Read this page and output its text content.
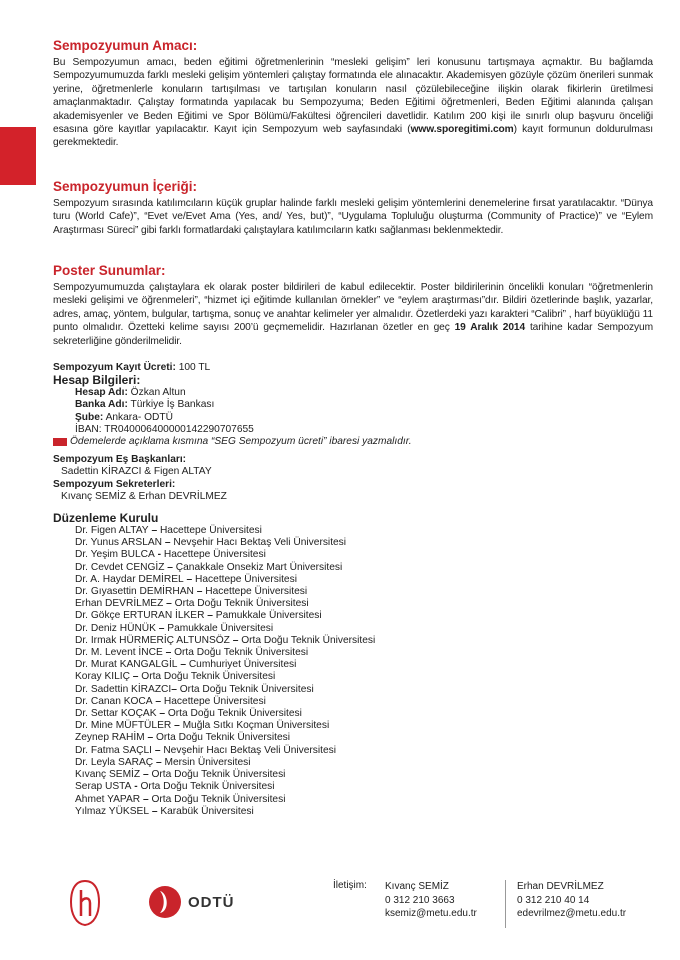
Sempozyumun Amacı:

Bu Sempozyumun amacı, beden eğitimi öğretmenlerinin “mesleki gelişim” leri konusunu tartışmaya açmaktır. Bu bağlamda Sempozyumumuzda farklı mesleki gelişim yöntemleri çalıştay formatında ele alınacaktır. Akademisyen gözüyle çözüm önerileri sunmak yerine, öğretmenlerle konuların tartışılması ve tartışılan konuların nasıl çözülebileceğine ilişkin olarak fikirlerin üretilmesi amaçlanmaktadır. Çalıştay formatında yapılacak bu Sempozyuma; Beden Eğitimi öğretmenleri, Beden Eğitimi alanında çalışan akademisyenler ve Beden Eğitimi ve Spor Bölümü/Fakültesi öğrencileri davetlidir. Katılım 200 kişi ile sınırlı olup başvuru önceliği esasına göre kayıtlar yapılacaktır. Kayıt için Sempozyum web sayfasındaki (www.sporegitimi.com) kayıt formunun doldurulması gerekmektedir.

Sempozyumun İçeriği:

Sempozyum sırasında katılımcıların küçük gruplar halinde farklı mesleki gelişim yöntemlerini denemelerine fırsat yaratılacaktır. “Dünya turu (World Cafe)”, “Evet ve/Evet Ama (Yes, and/ Yes, but)”, “Uygulama Topluluğu oluşturma (Community of Practice)” ve “Eylem Araştırması Süreci” gibi farklı formatlardaki çalıştaylara katılımcıların katkı sağlanması beklenmektedir.

Poster Sunumlar:

Sempozyumumuzda çalıştaylara ek olarak poster bildirileri de kabul edilecektir. Poster bildirilerinin öncelikli konuları “öğretmenlerin mesleki gelişimi ve öğrenmeleri”, “hizmet içi eğitimde kullanılan örnekler” ve “eylem araştırması”dır. Bildiri özetlerinde başlık, yazarlar, adres, amaç, yöntem, bulgular, tartışma, sonuç ve anahtar kelimeler yer almalıdır. Özetlerdeki yazı karakteri “Calibri” , harf büyüklüğü 11 punto olmalıdır. Özetteki kelime sayısı 200’ü geçmemelidir. Hazırlanan özetler en geç 19 Aralık 2014 tarihine kadar Sempozyum sekreterliğine gönderilmelidir.

Sempozyum Kayıt Ücreti: 100 TL
Hesap Bilgileri:
Hesap Adı: Özkan Altun
Banka Adı: Türkiye İş Bankası
Şube: Ankara- ODTÜ
İBAN: TR040006400000142290707655
Ödemelerde açıklama kısmına “SEG Sempozyum ücreti” ibaresi yazmalıdır.
Sempozyum Eş Başkanları:
Sadettin KİRAZCI & Figen ALTAY
Sempozyum Sekreterleri:
Kıvanç SEMİZ & Erhan DEVRİLMEZ
Düzenleme Kurulu
Dr. Figen ALTAY – Hacettepe Üniversitesi
Dr. Yunus ARSLAN – Nevşehir Hacı Bektaş Veli Üniversitesi
Dr. Yeşim BULCA - Hacettepe Üniversitesi
Dr. Cevdet CENGİZ – Çanakkale Onsekiz Mart Üniversitesi
Dr. A. Haydar DEMİREL – Hacettepe Üniversitesi
Dr. Gıyasettin DEMİRHAN – Hacettepe Üniversitesi
Erhan DEVRİLMEZ – Orta Doğu Teknik Üniversitesi
Dr. Gökçe ERTURAN İLKER – Pamukkale Üniversitesi
Dr. Deniz HÜNÜK – Pamukkale Üniversitesi
Dr. Irmak HÜRMERİÇ ALTUNSÖZ – Orta Doğu Teknik Üniversitesi
Dr. M. Levent İNCE – Orta Doğu Teknik Üniversitesi
Dr. Murat KANGALGİL – Cumhuriyet Üniversitesi
Koray KILIÇ – Orta Doğu Teknik Üniversitesi
Dr. Sadettin KİRAZCI– Orta Doğu Teknik Üniversitesi
Dr. Canan KOCA – Hacettepe Üniversitesi
Dr. Settar KOÇAK – Orta Doğu Teknik Üniversitesi
Dr. Mine MÜFTÜLER – Muğla Sıtkı Koçman Üniversitesi
Zeynep RAHİM – Orta Doğu Teknik Üniversitesi
Dr. Fatma SAÇLI – Nevşehir Hacı Bektaş Veli Üniversitesi
Dr. Leyla SARAÇ – Mersin Üniversitesi
Kıvanç SEMİZ – Orta Doğu Teknik Üniversitesi
Serap USTA - Orta Doğu Teknik Üniversitesi
Ahmet YAPAR – Orta Doğu Teknik Üniversitesi
Yılmaz YÜKSEL – Karabük Üniversitesi
ODTÜ
İletişim: Kıvanç SEMİZ
0 312 210 3663
ksemiz@metu.edu.tr
Erhan DEVRİLMEZ
0 312 210 40 14
edevrilmez@metu.edu.tr
